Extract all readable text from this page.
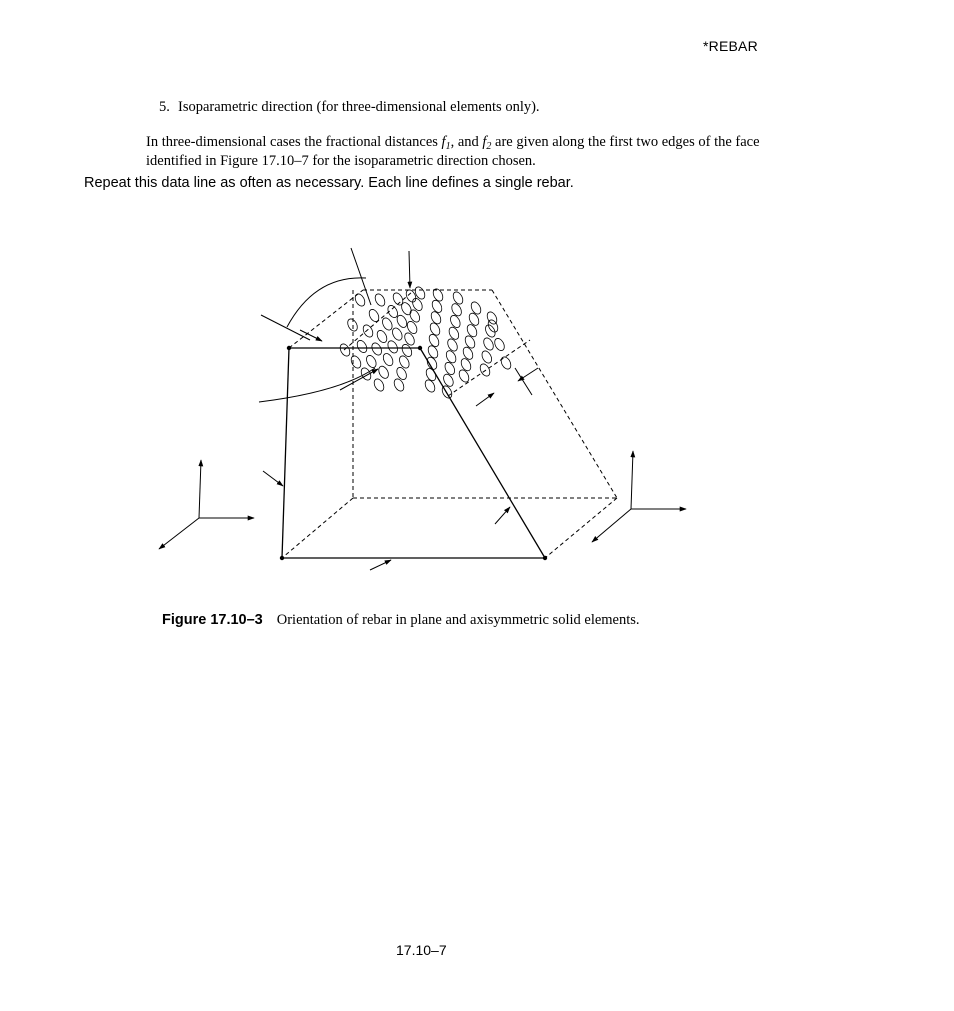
*REBAR
5. Isoparametric direction (for three-dimensional elements only).
In three-dimensional cases the fractional distances $f_1$, and $f_2$ are given along the first two edges of the face identified in Figure 17.10–7 for the isoparametric direction chosen.
Repeat this data line as often as necessary. Each line defines a single rebar.
Figure 17.10–3 Orientation of rebar in plane and axisymmetric solid elements.
17.10–7
